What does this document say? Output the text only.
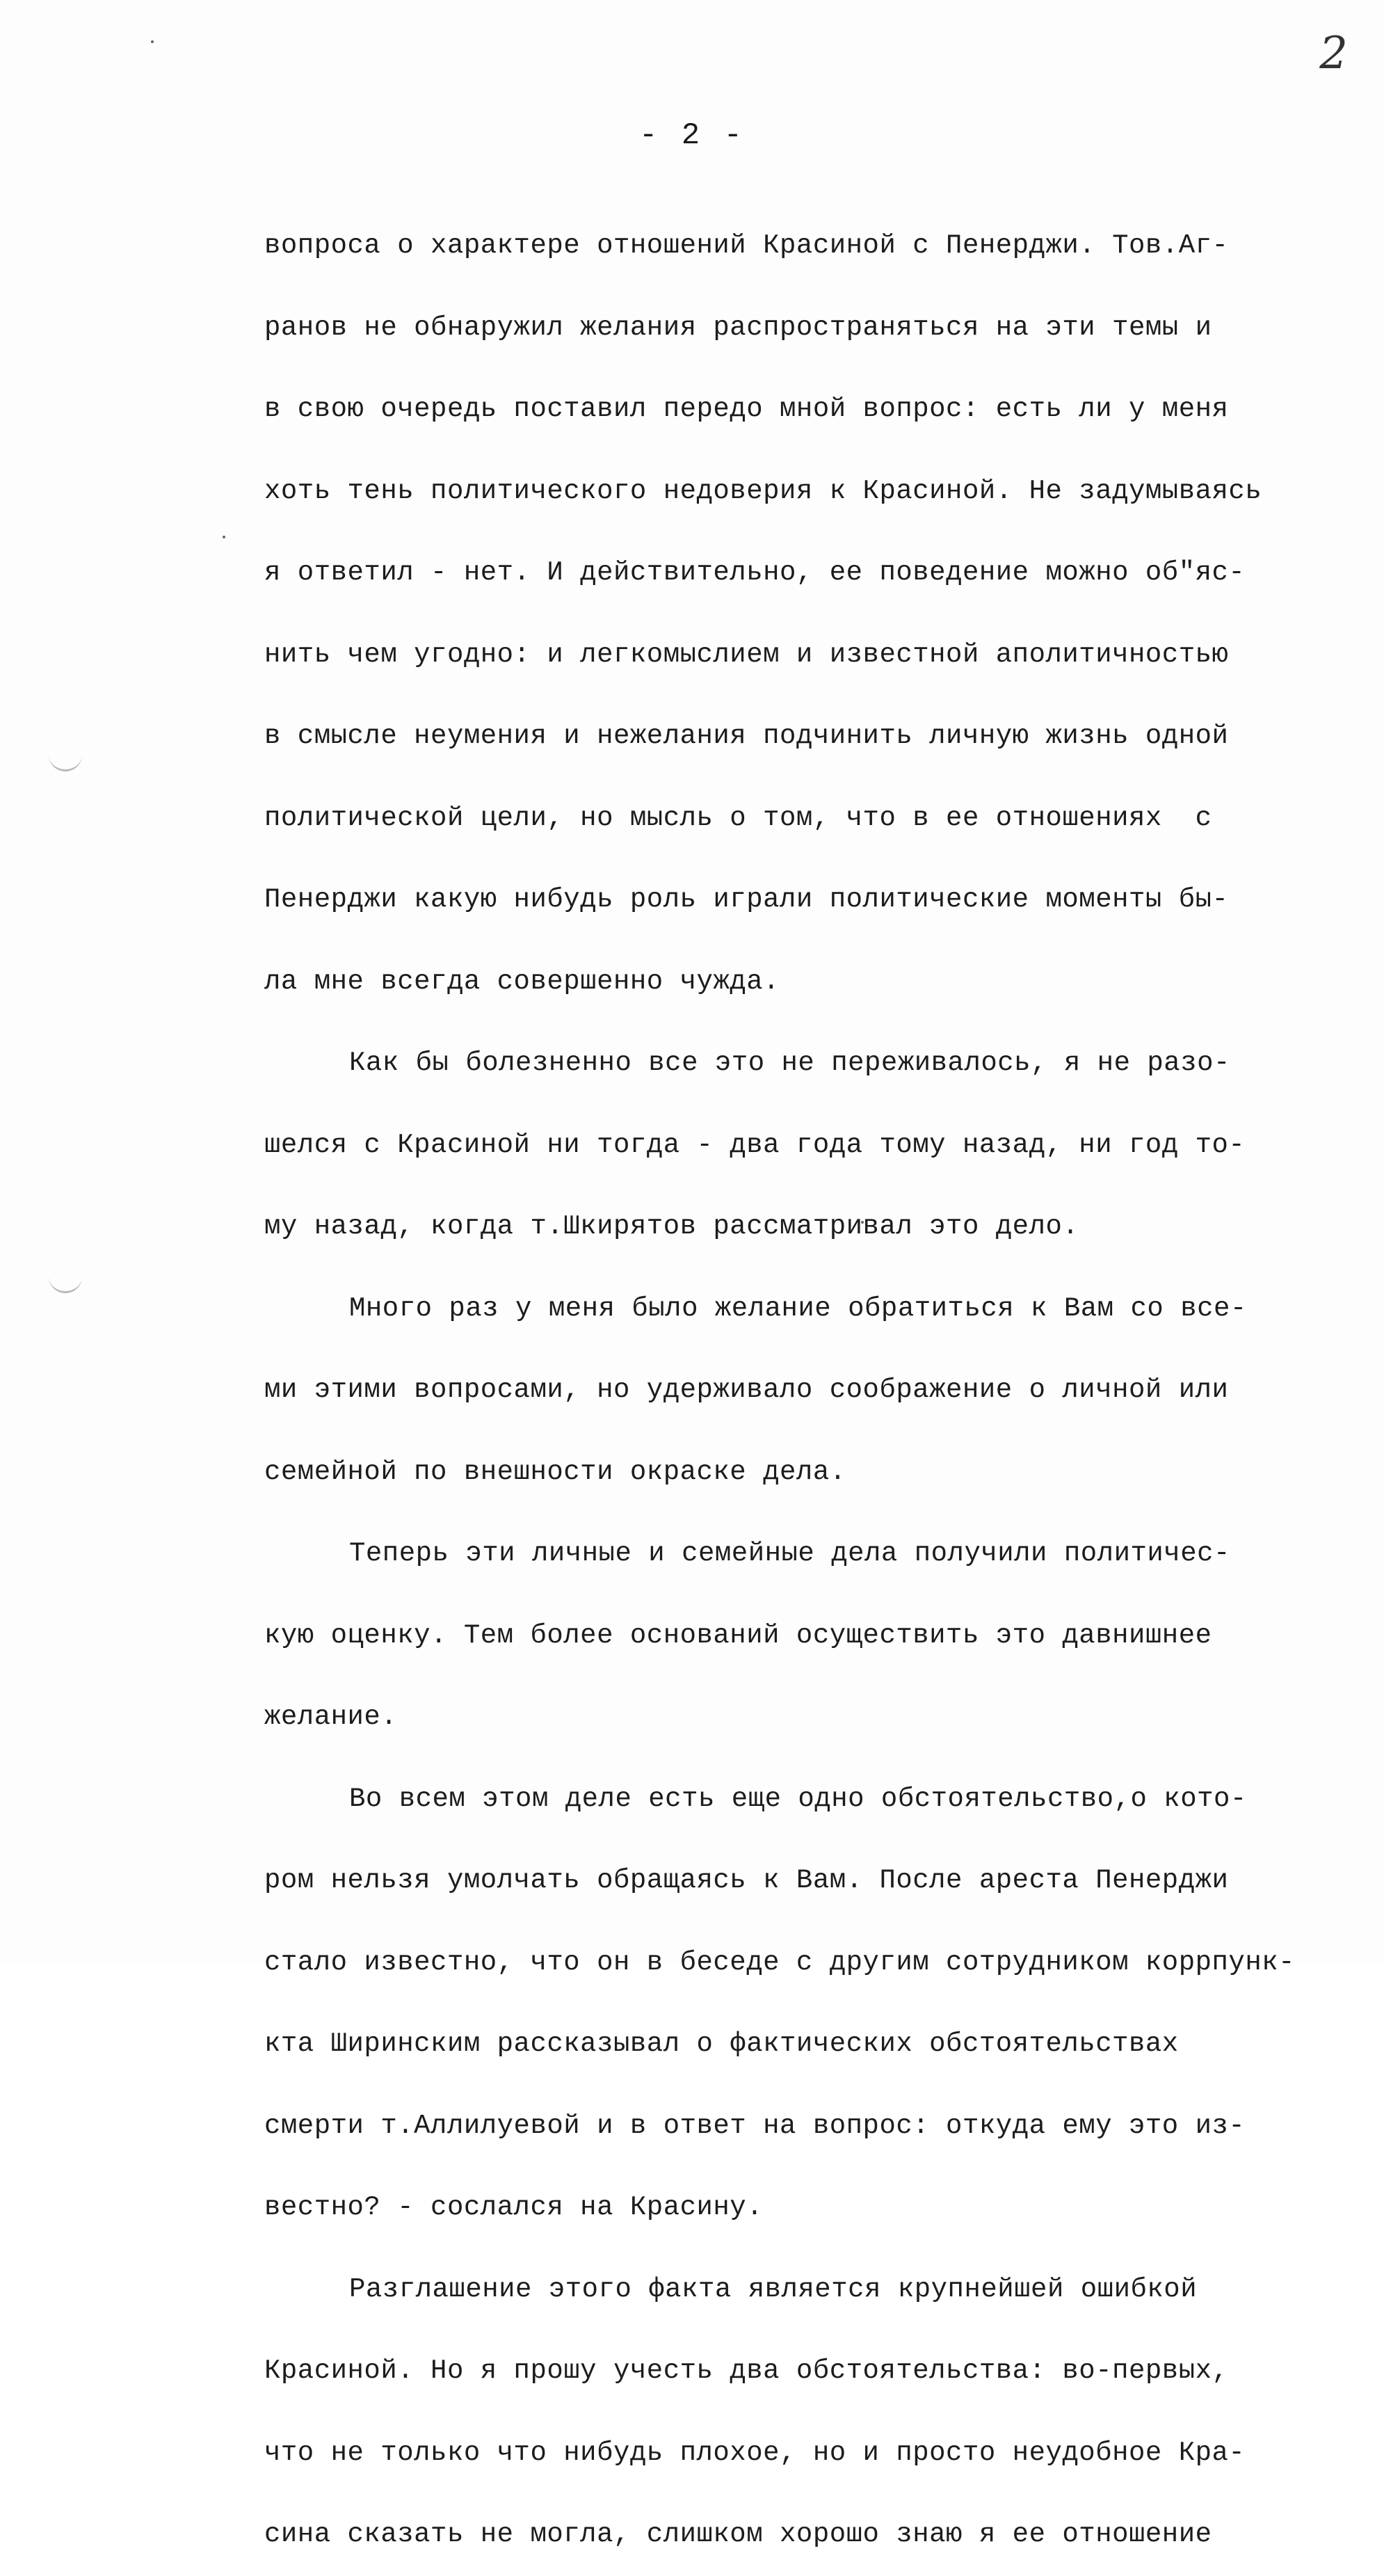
2
- 2 -
вопроса о характере отношений Красиной с Пенерджи. Тов.Аг-
ранов не обнаружил желания распространяться на эти темы и
в свою очередь поставил передо мной вопрос: есть ли у меня
хоть тень политического недоверия к Красиной. Не задумываясь
я ответил - нет. И действительно, ее поведение можно об"яс-
нить чем угодно: и легкомыслием и известной аполитичностью
в смысле неумения и нежелания подчинить личную жизнь одной
политической цели, но мысль о том, что в ее отношениях  с
Пенерджи какую нибудь роль играли политические моменты бы-
ла мне всегда совершенно чужда.
Как бы болезненно все это не переживалось, я не разо-
шелся с Красиной ни тогда - два года тому назад, ни год то-
му назад, когда т.Шкирятов рассматривал это дело.
Много раз у меня было желание обратиться к Вам со все-
ми этими вопросами, но удерживало соображение о личной или
семейной по внешности окраске дела.
Теперь эти личные и семейные дела получили политичес-
кую оценку. Тем более оснований осуществить это давнишнее
желание.
Во всем этом деле есть еще одно обстоятельство,о кото-
ром нельзя умолчать обращаясь к Вам. После ареста Пенерджи
стало известно, что он в беседе с другим сотрудником коррпунк-
кта Ширинским рассказывал о фактических обстоятельствах
смерти т.Аллилуевой и в ответ на вопрос: откуда ему это из-
вестно? - сослался на Красину.
Разглашение этого факта является крупнейшей ошибкой
Красиной. Но я прошу учесть два обстоятельства: во-первых,
что не только что нибудь плохое, но и просто неудобное Кра-
сина сказать не могла, слишком хорошо знаю я ее отношение
